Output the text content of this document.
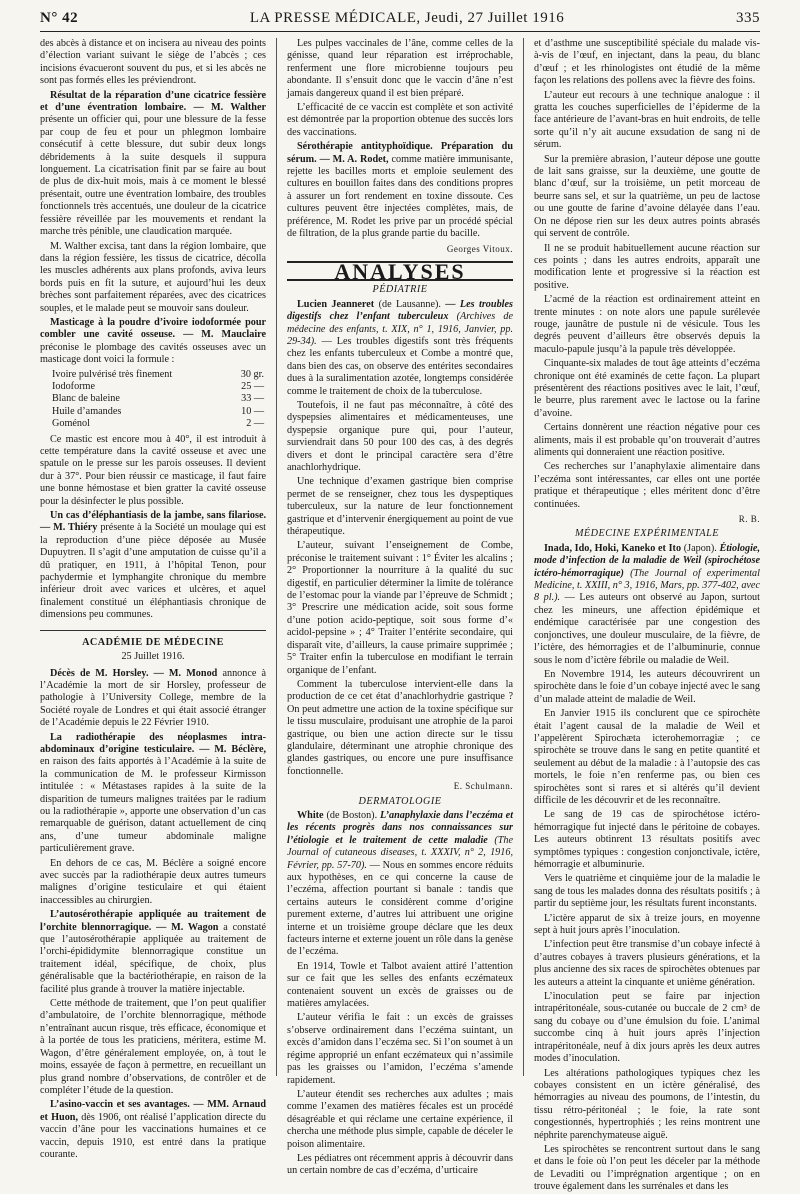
N° 42	LA PRESSE MÉDICALE, Jeudi, 27 Juillet 1916	335

des abcès à distance et on incisera au niveau des points d’élection variant suivant le siège de l’abcès ; ces incisions évacueront souvent du pus, et si les abcès ne sont pas formés elles les préviendront.

Résultat de la réparation d’une cicatrice fessière et d’une éventration lombaire. — M. Walther présente un officier qui, pour une blessure de la fesse par coup de feu et pour un phlegmon lombaire consécutif à cette blessure, dut subir deux longs débridements à la suite desquels il suppura longuement. La cicatrisation finit par se faire au bout de plus de dix-huit mois, mais à ce moment le blessé présentait, outre une éventration lombaire, des troubles fonctionnels très accentués, une douleur de la cicatrice fessière réveillée par les mouvements et rendant la marche très pénible, une claudication marquée.

M. Walther excisa, tant dans la région lombaire, que dans la région fessière, les tissus de cicatrice, décolla les muscles adhérents aux plans profonds, aviva leurs bords puis en fit la suture, et aujourd’hui les deux brèches sont parfaitement réparées, avec des cicatrices souples, et le malade peut se mouvoir sans douleur.

Masticage à la poudre d’ivoire iodoformée pour combler une cavité osseuse. — M. Mauclaire préconise le plombage des cavités osseuses avec un masticage dont voici la formule :

Ivoire pulvérisé très finement	30 gr.
Iodoforme	25 —
Blanc de baleine	33 —
Huile d’amandes	10 —
Goménol	2 —

Ce mastic est encore mou à 40°, il est introduit à cette température dans la cavité osseuse et avec une spatule on le presse sur les parois osseuses. Il devient dur à 37°. Pour bien réussir ce masticage, il faut faire une bonne hémostase et bien gratter la cavité osseuse pour la désinfecter le plus possible.

Un cas d’éléphantiasis de la jambe, sans filariose. — M. Thiéry présente à la Société un moulage qui est la reproduction d’une pièce déposée au Musée Dupuytren. Il s’agit d’une amputation de cuisse qu’il a dû pratiquer, en 1911, à l’hôpital Tenon, pour pachydermie et lymphangite chronique du membre inférieur droit avec varices et ulcères, et aquel finalement constitué un éléphantiasis chronique de dimensions peu communes.

ACADÉMIE DE MÉDECINE
25 Juillet 1916.

Décès de M. Horsley. — M. Monod annonce à l’Académie la mort de sir Horsley, professeur de pathologie à l’University College, membre de la Société royale de Londres et qui était associé étranger de l’Académie depuis le 22 Février 1910.

La radiothérapie des néoplasmes intra-abdominaux d’origine testiculaire. — M. Béclère, en raison des faits apportés à l’Académie à la suite de la communication de M. le professeur Kirmisson intitulée : « Métastases rapides à la suite de la disparition de tumeurs malignes traitées par le radium ou la radiothérapie », apporte une observation d’un cas remarquable de guérison, datant actuellement de cinq ans, d’une tumeur abdominale maligne particulièrement grave.

En dehors de ce cas, M. Béclère a soigné encore avec succès par la radiothérapie deux autres tumeurs malignes d’origine testiculaire et qui étaient inaccessibles au chirurgien.

L’autosérothérapie appliquée au traitement de l’orchite blennorragique. — M. Wagon a constaté que l’autosérothérapie appliquée au traitement de l’orchi-épididymite blennorragique constitue un traitement idéal, spécifique, de choix, plus généralisable que la bactériothérapie, en raison de la facilité plus grande à trouver la matière injectable.

Cette méthode de traitement, que l’on peut qualifier d’ambulatoire, de l’orchite blennorragique, méthode n’entraînant aucun risque, très efficace, économique et à la portée de tous les praticiens, méritera, estime M. Wagon, d’être généralement employée, on, à tout le moins, essayée de façon à permettre, en recueillant un plus grand nombre d’observations, de contrôler et de compléter l’étude de la question.

L’asino-vaccin et ses avantages. — MM. Arnaud et Huon, dès 1906, ont réalisé l’application directe du vaccin d’âne pour les vaccinations humaines et ce vaccin, depuis 1910, est entré dans la pratique courante.

Les pulpes vaccinales de l’âne, comme celles de la génisse, quand leur réparation est irréprochable, renferment une flore microbienne toujours peu abondante. Il s’ensuit donc que le vaccin d’âne n’est jamais dangereux quand il est bien préparé.

L’efficacité de ce vaccin est complète et son activité est démontrée par la proportion obtenue des succès lors des vaccinations.

Sérothérapie antityphoïdique. Préparation du sérum. — M. A. Rodet, comme matière immunisante, rejette les bacilles morts et emploie seulement des cultures en bouillon faites dans des conditions propres à assurer un fort rendement en toxine dissoute. Ces cultures peuvent être injectées complètes, mais, de préférence, M. Rodet les prive par un procédé spécial de filtration, de la plus grande partie du bacille.

Georges Vitoux.
ANALYSES
PÉDIATRIE

Lucien Jeanneret (de Lausanne). — Les troubles digestifs chez l’enfant tuberculeux (Archives de médecine des enfants, t. XIX, n° 1, 1916, Janvier, pp. 29-34). — Les troubles digestifs sont très fréquents chez les enfants tuberculeux et Combe a montré que, dans bien des cas, on observe des entérites secondaires dues à la suralimentation azotée, longtemps considérée comme le traitement de choix de la tuberculose.

Toutefois, il ne faut pas méconnaître, à côté des dyspepsies alimentaires et médicamenteuses, une dyspepsie organique pure qui, pour l’auteur, surviendrait dans 50 pour 100 des cas, à des degrés divers et dont le principal caractère sera d’être anachlorhydrique.

Une technique d’examen gastrique bien comprise permet de se renseigner, chez tous les dyspeptiques tuberculeux, sur la nature de leur fonctionnement gastrique et d’intervenir énergiquement au point de vue thérapeutique.

L’auteur, suivant l’enseignement de Combe, préconise le traitement suivant : 1° Éviter les alcalins ; 2° Proportionner la nourriture à la qualité du suc digestif, en particulier déterminer la limite de tolérance de l’estomac pour la viande par l’épreuve de Schmidt ; 3° Prescrire une médication acide, soit sous forme d’une potion acido-peptique, soit sous forme d’« acidol-pepsine » ; 4° Traiter l’entérite secondaire, qui disparaît vite, d’ailleurs, la cause primaire supprimée ; 5° Traiter enfin la tuberculose en modifiant le terrain organique de l’enfant.

Comment la tuberculose intervient-elle dans la production de ce cet état d’anachlorhydrie gastrique ? On peut admettre une action de la toxine spécifique sur le tissu musculaire, produisant une atrophie de la paroi gastrique, ou bien une action directe sur le tissu glandulaire, déterminant une atrophie chronique des glandes gastriques, ou encore une pure insuffisance fonctionnelle.

E. Schulmann.
DERMATOLOGIE

White (de Boston). L’anaphylaxie dans l’eczéma et les récents progrès dans nos connaissances sur l’étiologie et le traitement de cette maladie (The Journal of cutaneous diseases, t. XXXIV, n° 2, 1916, Février, pp. 57-70). — Nous en sommes encore réduits aux hypothèses, en ce qui concerne la cause de l’eczéma, affection pourtant si banale : tandis que certains auteurs le considèrent comme d’origine purement externe, d’autres lui attribuent une origine interne et un troisième groupe déclare que les deux facteurs interne et externe jouent un rôle dans la genèse de l’eczéma.

En 1914, Towle et Talbot avaient attiré l’attention sur ce fait que les selles des enfants eczémateux contenaient souvent un excès de graisses ou de matières amylacées.

L’auteur vérifia le fait : un excès de graisses s’observe ordinairement dans l’eczéma suintant, un excès d’amidon dans l’eczéma sec. Si l’on soumet à un régime approprié un enfant eczémateux qui n’assimile pas les graisses ou l’amidon, l’eczéma s’amende rapidement.

L’auteur étendit ses recherches aux adultes ; mais comme l’examen des matières fécales est un procédé désagréable et qui réclame une certaine expérience, il chercha une méthode plus simple, capable de déceler le poison alimentaire.

Les pédiatres ont récemment appris à découvrir dans un certain nombre de cas d’eczéma, d’urticaire

et d’asthme une susceptibilité spéciale du malade vis-à-vis de l’œuf, en injectant, dans la peau, du blanc d’œuf ; et les rhinologistes ont étudié de la même façon les relations des pollens avec la fièvre des foins.

L’auteur eut recours à une technique analogue : il gratta les couches superficielles de l’épiderme de la face antérieure de l’avant-bras en huit endroits, de telle sorte qu’il n’y ait aucune exsudation de sang ni de sérum.

Sur la première abrasion, l’auteur dépose une goutte de lait sans graisse, sur la deuxième, une goutte de blanc d’œuf, sur la troisième, un petit morceau de beurre sans sel, et sur la quatrième, un peu de lactose ou une goutte de farine d’avoine délayée dans l’eau. On ne dépose rien sur les deux autres points abrasés qui servent de contrôle.

Il ne se produit habituellement aucune réaction sur ces points ; dans les autres endroits, apparaît une modification lente et progressive si la réaction est positive.

L’acmé de la réaction est ordinairement atteint en trente minutes : on note alors une papule surélevée rouge, jaunâtre de pustule ni de vésicule. Tous les degrés peuvent d’ailleurs être observés depuis la maculo-papule jusqu’à la papule très développée.

Cinquante-six malades de tout âge atteints d’eczéma chronique ont été examinés de cette façon. La plupart présentèrent des réactions positives avec le lait, l’œuf, le beurre, plus rarement avec le lactose ou la farine d’avoine.

Certains donnèrent une réaction négative pour ces aliments, mais il est probable qu’on trouverait d’autres aliments qui donneraient une réaction positive.

Ces recherches sur l’anaphylaxie alimentaire dans l’eczéma sont intéressantes, car elles ont une portée pratique et thérapeutique ; elles méritent donc d’être continuées.

R. B.
MÉDECINE EXPÉRIMENTALE

Inada, Ido, Hoki, Kaneko et Ito (Japon). Étiologie, mode d’infection de la maladie de Weil (spirochétose ictéro-hémorragique) (The Journal of experimental Medicine, t. XXIII, n° 3, 1916, Mars, pp. 377-402, avec 8 pl.). — Les auteurs ont observé au Japon, surtout chez les mineurs, une affection épidémique et endémique caractérisée par une congestion des conjonctives, une douleur musculaire, de la fièvre, de l’ictère, des hémorragies et de l’albuminurie, connue sous le nom d’ictère fébrile ou maladie de Weil.

En Novembre 1914, les auteurs découvrirent un spirochète dans le foie d’un cobaye injecté avec le sang d’un malade atteint de maladie de Weil.

En Janvier 1915 ils conclurent que ce spirochète était l’agent causal de la maladie de Weil et l’appelèrent Spirochæta icterohemorragiæ ; ce spirochète se trouve dans le sang en petite quantité et seulement au début de la maladie : à l’autopsie des cas mortels, le foie n’en renferme pas, ou bien ces spirochètes sont si rares et si altérés qu’il devient difficile de les découvrir et de les reconnaître.

Le sang de 19 cas de spirochétose ictéro-hémorragique fut injecté dans le péritoine de cobayes. Les auteurs obtinrent 13 résultats positifs avec symptômes typiques : congestion conjonctivale, ictère, hémorragie et albuminurie.

Vers le quatrième et cinquième jour de la maladie le sang de tous les malades donna des résultats positifs ; à partir du septième jour, les résultats furent inconstants.

L’ictère apparut de six à treize jours, en moyenne sept à huit jours après l’inoculation.

L’infection peut être transmise d’un cobaye infecté à d’autres cobayes à travers plusieurs générations, et la plus ancienne des six races de spirochètes obtenues par les auteurs a atteint la cinquante et unième génération.

L’inoculation peut se faire par injection intrapéritonéale, sous-cutanée ou buccale de 2 cm³ de sang du cobaye ou d’une émulsion du foie. L’animal succombe cinq à huit jours après l’injection intrapéritonéale, neuf à dix jours après les deux autres modes d’inoculation.

Les altérations pathologiques typiques chez les cobayes consistent en un ictère généralisé, des hémorragies au niveau des poumons, de l’intestin, du tissu rétro-péritonéal ; le foie, la rate sont congestionnés, hypertrophiés ; les reins montrent une néphrite parenchymateuse aiguë.

Les spirochètes se rencontrent surtout dans le sang et dans le foie où l’on peut les déceler par la méthode de Levaditi ou l’imprégnation argentique ; on en trouve également dans les surrénales et dans les
